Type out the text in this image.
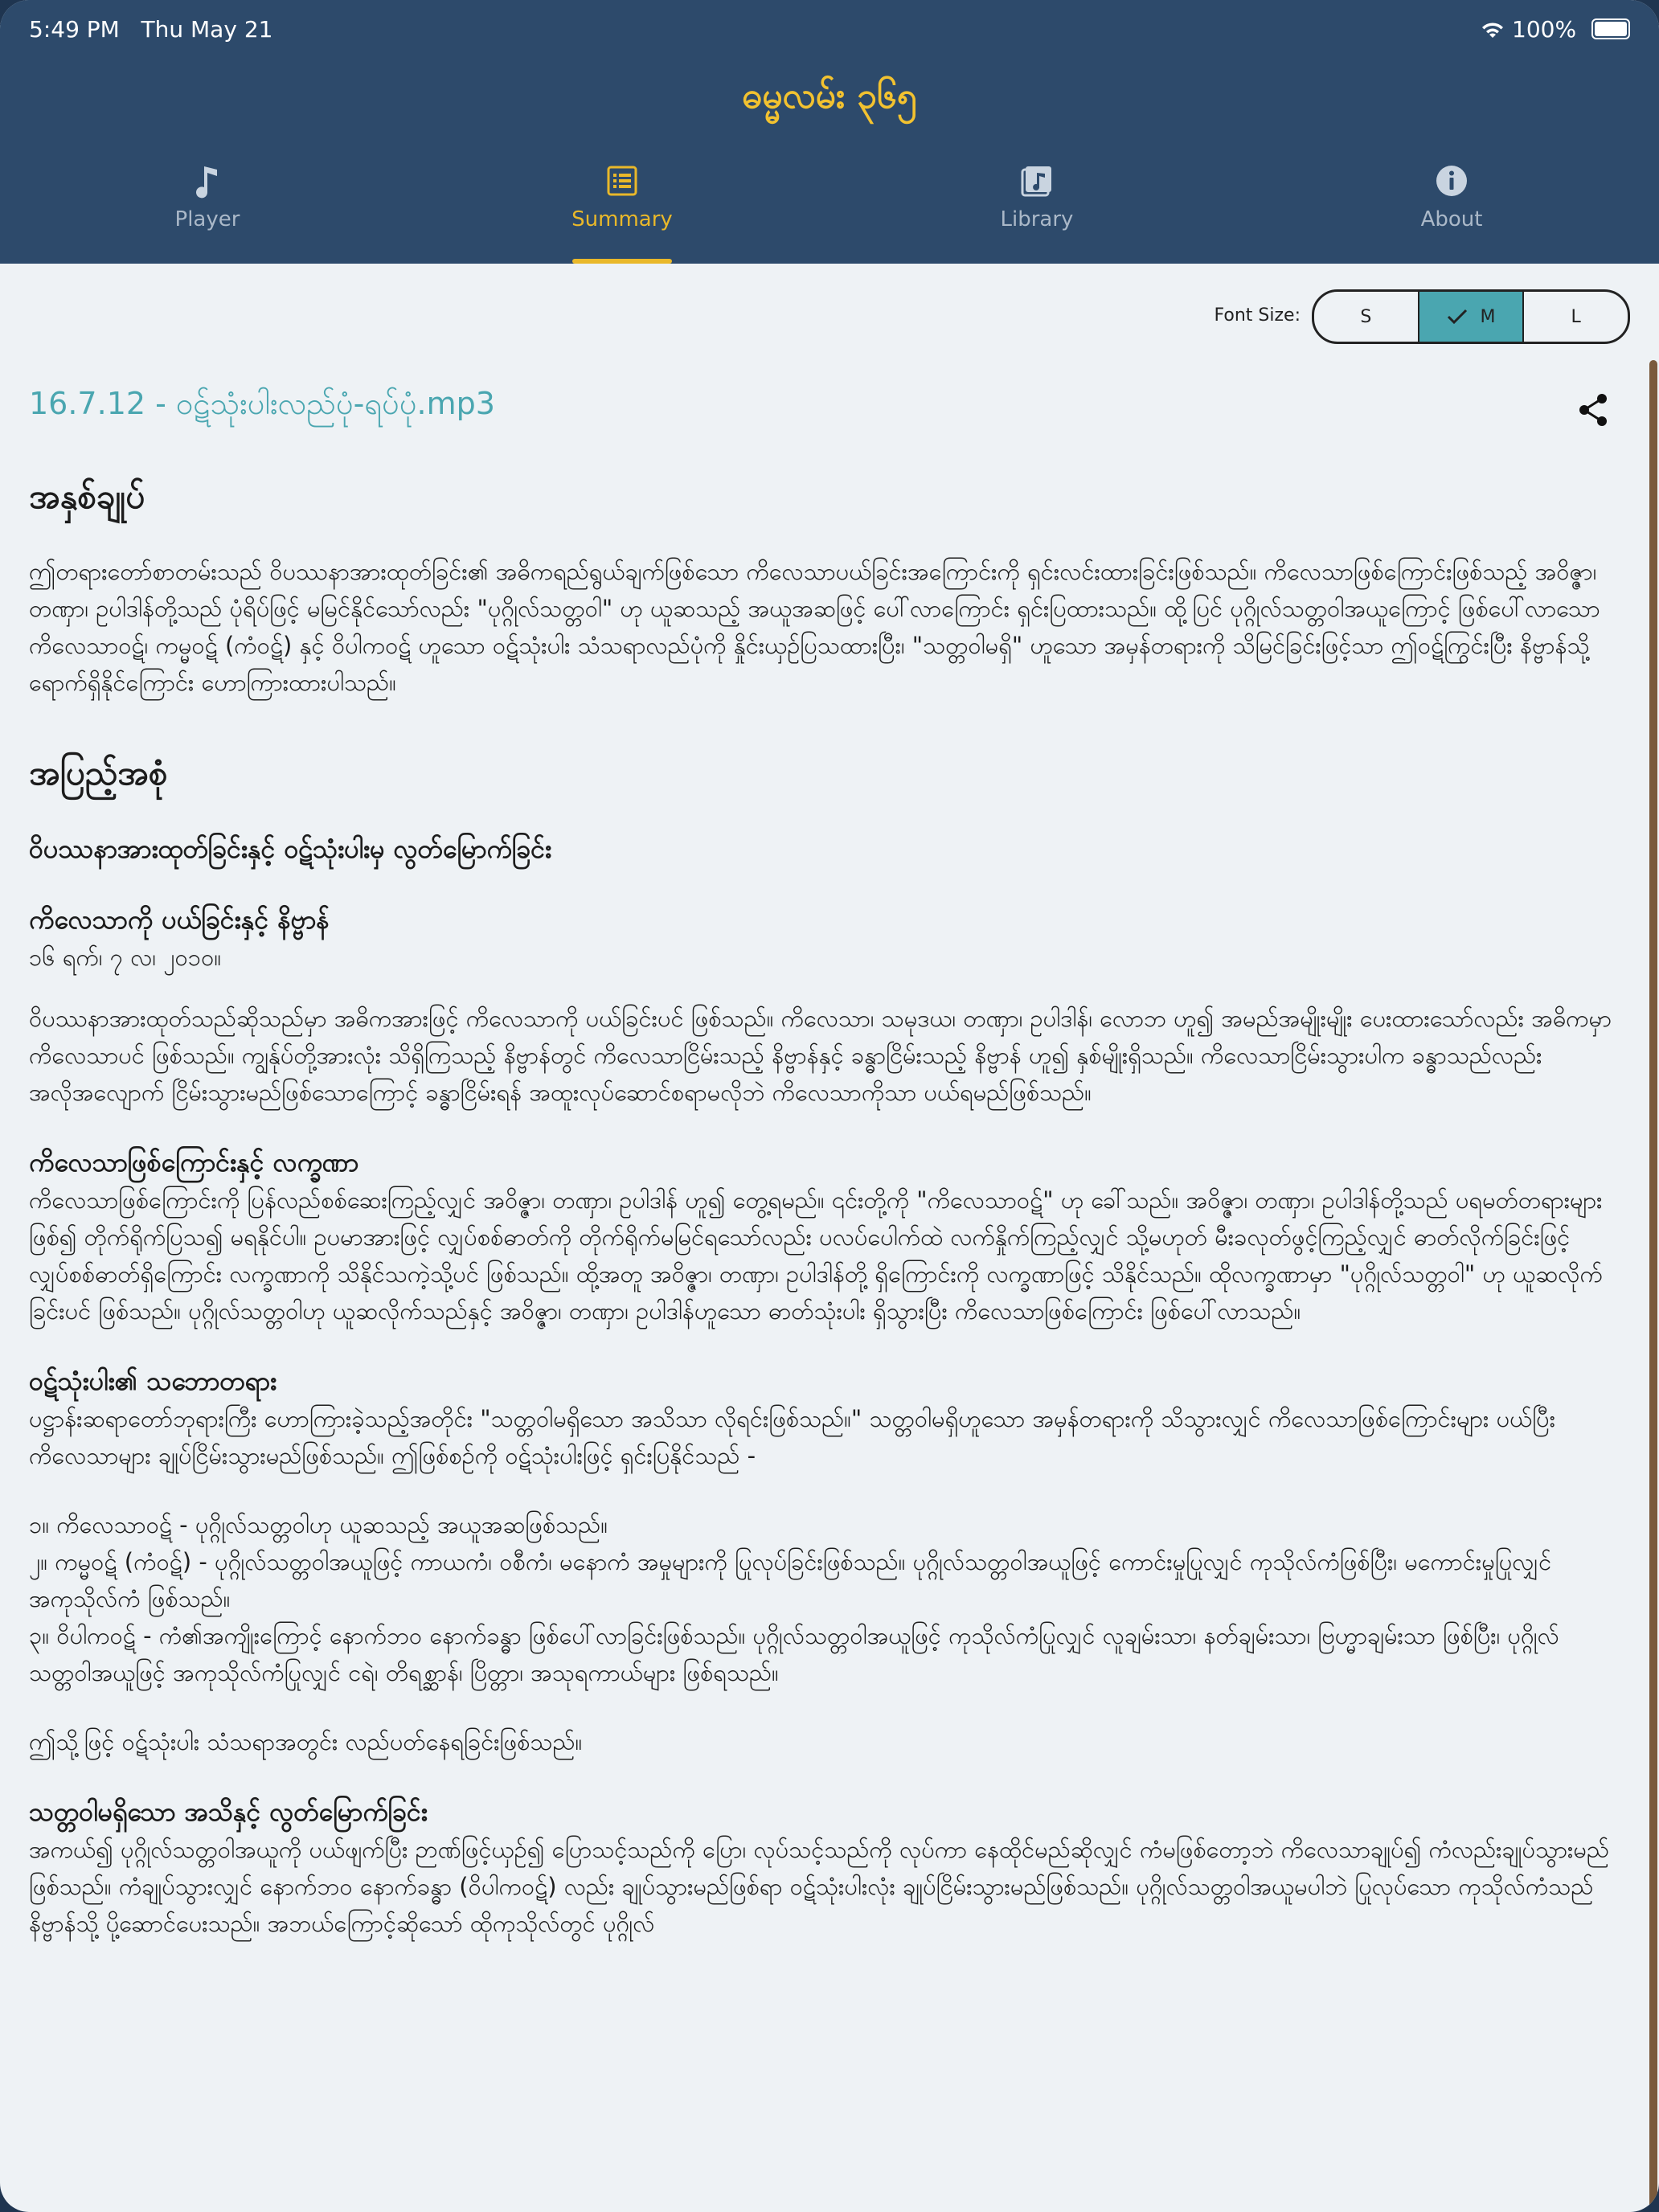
5:49 PM Thu May 21	100%
ဓမ္မလမ်း ၃၆၅
Player	Summary	Library	About
Font Size:	S	M	L
16.7.12 - ဝဋ်သုံးပါးလည်ပုံ-ရပ်ပုံ.mp3
အနှစ်ချုပ်

ဤတရားတော်စာတမ်းသည် ဝိပဿနာအားထုတ်ခြင်း၏ အဓိကရည်ရွယ်ချက်ဖြစ်သော ကိလေသာပယ်ခြင်းအကြောင်းကို ရှင်းလင်းထားခြင်းဖြစ်သည်။ ကိလေသာဖြစ်ကြောင်းဖြစ်သည့် အဝိဇ္ဇာ၊ တဏှာ၊ ဥပါဒါန်တို့သည် ပုံရိပ်ဖြင့် မမြင်နိုင်သော်လည်း "ပုဂ္ဂိုလ်သတ္တဝါ" ဟု ယူဆသည့် အယူအဆဖြင့် ပေါ်လာကြောင်း ရှင်းပြထားသည်။ ထို့ပြင် ပုဂ္ဂိုလ်သတ္တဝါအယူကြောင့် ဖြစ်ပေါ်လာသော ကိလေသာဝဋ်၊ ကမ္မဝဋ် (ကံဝဋ်) နှင့် ဝိပါကဝဋ် ဟူသော ဝဋ်သုံးပါး သံသရာလည်ပုံကို နှိုင်းယှဉ်ပြသထားပြီး၊ "သတ္တဝါမရှိ" ဟူသော အမှန်တရားကို သိမြင်ခြင်းဖြင့်သာ ဤဝဋ်ကြွင်းပြီး နိဗ္ဗာန်သို့ ရောက်ရှိနိုင်ကြောင်း ဟောကြားထားပါသည်။

အပြည့်အစုံ
ဝိပဿနာအားထုတ်ခြင်းနှင့် ဝဋ်သုံးပါးမှ လွတ်မြောက်ခြင်း
ကိလေသာကို ပယ်ခြင်းနှင့် နိဗ္ဗာန်

၁၆ ရက်၊ ၇ လ၊ ၂၀၁၀။

ဝိပဿနာအားထုတ်သည်ဆိုသည်မှာ အဓိကအားဖြင့် ကိလေသာကို ပယ်ခြင်းပင် ဖြစ်သည်။ ကိလေသာ၊ သမုဒယ၊ တဏှာ၊ ဥပါဒါန်၊ လောဘ ဟူ၍ အမည်အမျိုးမျိုး ပေးထားသော်လည်း အဓိကမှာ ကိလေသာပင် ဖြစ်သည်။ ကျွန်ုပ်တို့အားလုံး သိရှိကြသည့် နိဗ္ဗာန်တွင် ကိလေသာငြိမ်းသည့် နိဗ္ဗာန်နှင့် ခန္ဓာငြိမ်းသည့် နိဗ္ဗာန် ဟူ၍ နှစ်မျိုးရှိသည်။ ကိလေသာငြိမ်းသွားပါက ခန္ဓာသည်လည်း အလိုအလျောက် ငြိမ်းသွားမည်ဖြစ်သောကြောင့် ခန္ဓာငြိမ်းရန် အထူးလုပ်ဆောင်စရာမလိုဘဲ ကိလေသာကိုသာ ပယ်ရမည်ဖြစ်သည်။

ကိလေသာဖြစ်ကြောင်းနှင့် လက္ခဏာ

ကိလေသာဖြစ်ကြောင်းကို ပြန်လည်စစ်ဆေးကြည့်လျှင် အဝိဇ္ဇာ၊ တဏှာ၊ ဥပါဒါန် ဟူ၍ တွေ့ရမည်။ ၎င်းတို့ကို "ကိလေသာဝဋ်" ဟု ခေါ်သည်။ အဝိဇ္ဇာ၊ တဏှာ၊ ဥပါဒါန်တို့သည် ပရမတ်တရားများဖြစ်၍ တိုက်ရိုက်ပြသ၍ မရနိုင်ပါ။ ဥပမာအားဖြင့် လျှပ်စစ်ဓာတ်ကို တိုက်ရိုက်မမြင်ရသော်လည်း ပလပ်ပေါက်ထဲ လက်နှိုက်ကြည့်လျှင် သို့မဟုတ် မီးခလုတ်ဖွင့်ကြည့်လျှင် ဓာတ်လိုက်ခြင်းဖြင့် လျှပ်စစ်ဓာတ်ရှိကြောင်း လက္ခဏာကို သိနိုင်သကဲ့သို့ပင် ဖြစ်သည်။ ထို့အတူ အဝိဇ္ဇာ၊ တဏှာ၊ ဥပါဒါန်တို့ ရှိကြောင်းကို လက္ခဏာဖြင့် သိနိုင်သည်။ ထိုလက္ခဏာမှာ "ပုဂ္ဂိုလ်သတ္တဝါ" ဟု ယူဆလိုက်ခြင်းပင် ဖြစ်သည်။ ပုဂ္ဂိုလ်သတ္တဝါဟု ယူဆလိုက်သည်နှင့် အဝိဇ္ဇာ၊ တဏှာ၊ ဥပါဒါန်ဟူသော ဓာတ်သုံးပါး ရှိသွားပြီး ကိလေသာဖြစ်ကြောင်း ဖြစ်ပေါ်လာသည်။

ဝဋ်သုံးပါး၏ သဘောတရား

ပဋ္ဌာန်းဆရာတော်ဘုရားကြီး ဟောကြားခဲ့သည့်အတိုင်း "သတ္တဝါမရှိသော အသိသာ လိုရင်းဖြစ်သည်။" သတ္တဝါမရှိဟူသော အမှန်တရားကို သိသွားလျှင် ကိလေသာဖြစ်ကြောင်းများ ပယ်ပြီး ကိလေသာများ ချုပ်ငြိမ်းသွားမည်ဖြစ်သည်။ ဤဖြစ်စဉ်ကို ဝဋ်သုံးပါးဖြင့် ရှင်းပြနိုင်သည် -

၁။ ကိလေသာဝဋ် - ပုဂ္ဂိုလ်သတ္တဝါဟု ယူဆသည့် အယူအဆဖြစ်သည်။

၂။ ကမ္မဝဋ် (ကံဝဋ်) - ပုဂ္ဂိုလ်သတ္တဝါအယူဖြင့် ကာယကံ၊ ဝစီကံ၊ မနောကံ အမှုများကို ပြုလုပ်ခြင်းဖြစ်သည်။ ပုဂ္ဂိုလ်သတ္တဝါအယူဖြင့် ကောင်းမှုပြုလျှင် ကုသိုလ်ကံဖြစ်ပြီး၊ မကောင်းမှုပြုလျှင် အကုသိုလ်ကံ ဖြစ်သည်။

၃။ ဝိပါကဝဋ် - ကံ၏အကျိုးကြောင့် နောက်ဘဝ နောက်ခန္ဓာ ဖြစ်ပေါ်လာခြင်းဖြစ်သည်။ ပုဂ္ဂိုလ်သတ္တဝါအယူဖြင့် ကုသိုလ်ကံပြုလျှင် လူချမ်းသာ၊ နတ်ချမ်းသာ၊ ဗြဟ္မာချမ်းသာ ဖြစ်ပြီး၊ ပုဂ္ဂိုလ်သတ္တဝါအယူဖြင့် အကုသိုလ်ကံပြုလျှင် ငရဲ၊ တိရစ္ဆာန်၊ ပြိတ္တာ၊ အသုရကာယ်များ ဖြစ်ရသည်။

ဤသို့ဖြင့် ဝဋ်သုံးပါး သံသရာအတွင်း လည်ပတ်နေရခြင်းဖြစ်သည်။

သတ္တဝါမရှိသော အသိနှင့် လွတ်မြောက်ခြင်း

အကယ်၍ ပုဂ္ဂိုလ်သတ္တဝါအယူကို ပယ်ဖျက်ပြီး ဉာဏ်ဖြင့်ယှဉ်၍ ပြောသင့်သည်ကို ပြော၊ လုပ်သင့်သည်ကို လုပ်ကာ နေထိုင်မည်ဆိုလျှင် ကံမဖြစ်တော့ဘဲ ကိလေသာချုပ်၍ ကံလည်းချုပ်သွားမည်ဖြစ်သည်။ ကံချုပ်သွားလျှင် နောက်ဘဝ နောက်ခန္ဓာ (ဝိပါကဝဋ်) လည်း ချုပ်သွားမည်ဖြစ်ရာ ဝဋ်သုံးပါးလုံး ချုပ်ငြိမ်းသွားမည်ဖြစ်သည်။ ပုဂ္ဂိုလ်သတ္တဝါအယူမပါဘဲ ပြုလုပ်သော ကုသိုလ်ကံသည် နိဗ္ဗာန်သို့ ပို့ဆောင်ပေးသည်။ အဘယ်ကြောင့်ဆိုသော် ထိုကုသိုလ်တွင် ပုဂ္ဂိုလ်
